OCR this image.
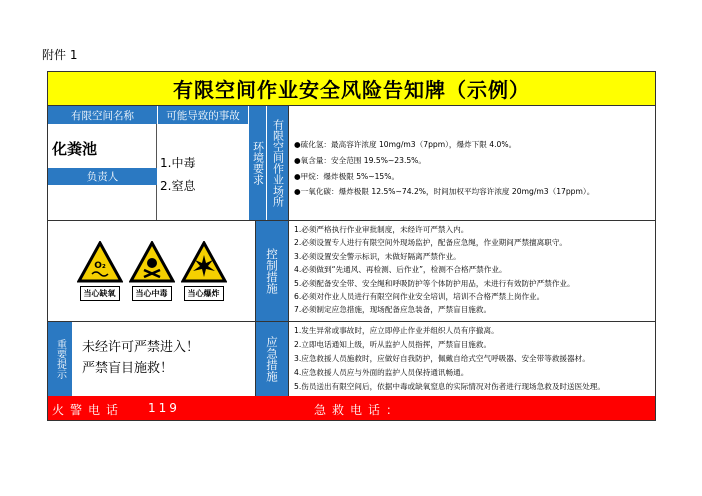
附件 1
有限空间作业安全风险告知牌（示例）
有限空间名称	可能导致的事故
环境要求 有限空间作业场所
化粪池
负责人
1.中毒
2.窒息
●硫化氢：最高容许浓度 10mg/m3（7ppm），爆炸下限 4.0%。
●氧含量：安全范围 19.5%~23.5%。
●甲烷：爆炸极限 5%~15%。
●一氧化碳：爆炸极限 12.5%~74.2%，时间加权平均容许浓度 20mg/m3（17ppm）。
O₂
当心缺氧	当心中毒	当心爆炸	控制措施
1.必须严格执行作业审批制度，未经许可严禁入内。
2.必须设置专人进行有限空间外现场监护，配备应急绳，作业期间严禁擅离职守。
3.必须设置安全警示标识，未做好隔离严禁作业。
4.必须做到“先通风、再检测、后作业”，检测不合格严禁作业。
5.必须配备安全带、安全绳和呼吸防护等个体防护用品，未进行有效防护严禁作业。
6.必须对作业人员进行有限空间作业安全培训，培训不合格严禁上岗作业。
7.必须制定应急措施，现场配备应急装备，严禁盲目施救。
重要提示 未经许可严禁进入！
严禁盲目施救！	应急措施
1.发生异常或事故时，应立即停止作业并组织人员有序撤离。
2.立即电话通知上级，听从监护人员指挥，严禁盲目施救。
3.应急救援人员施救时，应做好自我防护，佩戴自给式空气呼吸器、安全带等救援器材。
4.应急救援人员应与外面的监护人员保持通讯畅通。
5.伤员送出有限空间后，依据中毒或缺氧窒息的实际情况对伤者进行现场急救及时送医处理。
火警电话 119	急救电话：
